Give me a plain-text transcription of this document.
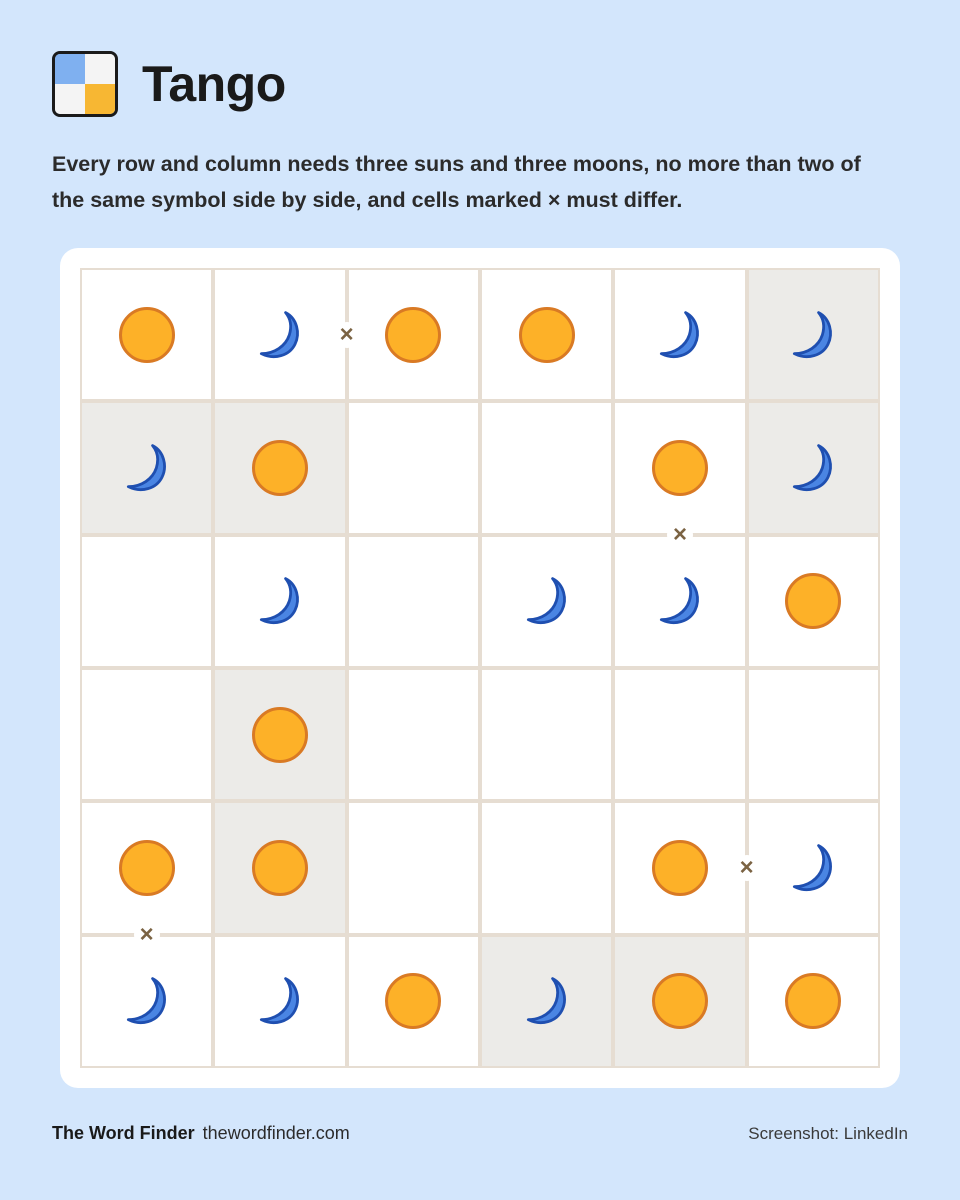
Tango
Every row and column needs three suns and three moons, no more than two of the same symbol side by side, and cells marked × must differ.
×
×
×
×
The Word Finder thewordfinder.com	Screenshot: LinkedIn
